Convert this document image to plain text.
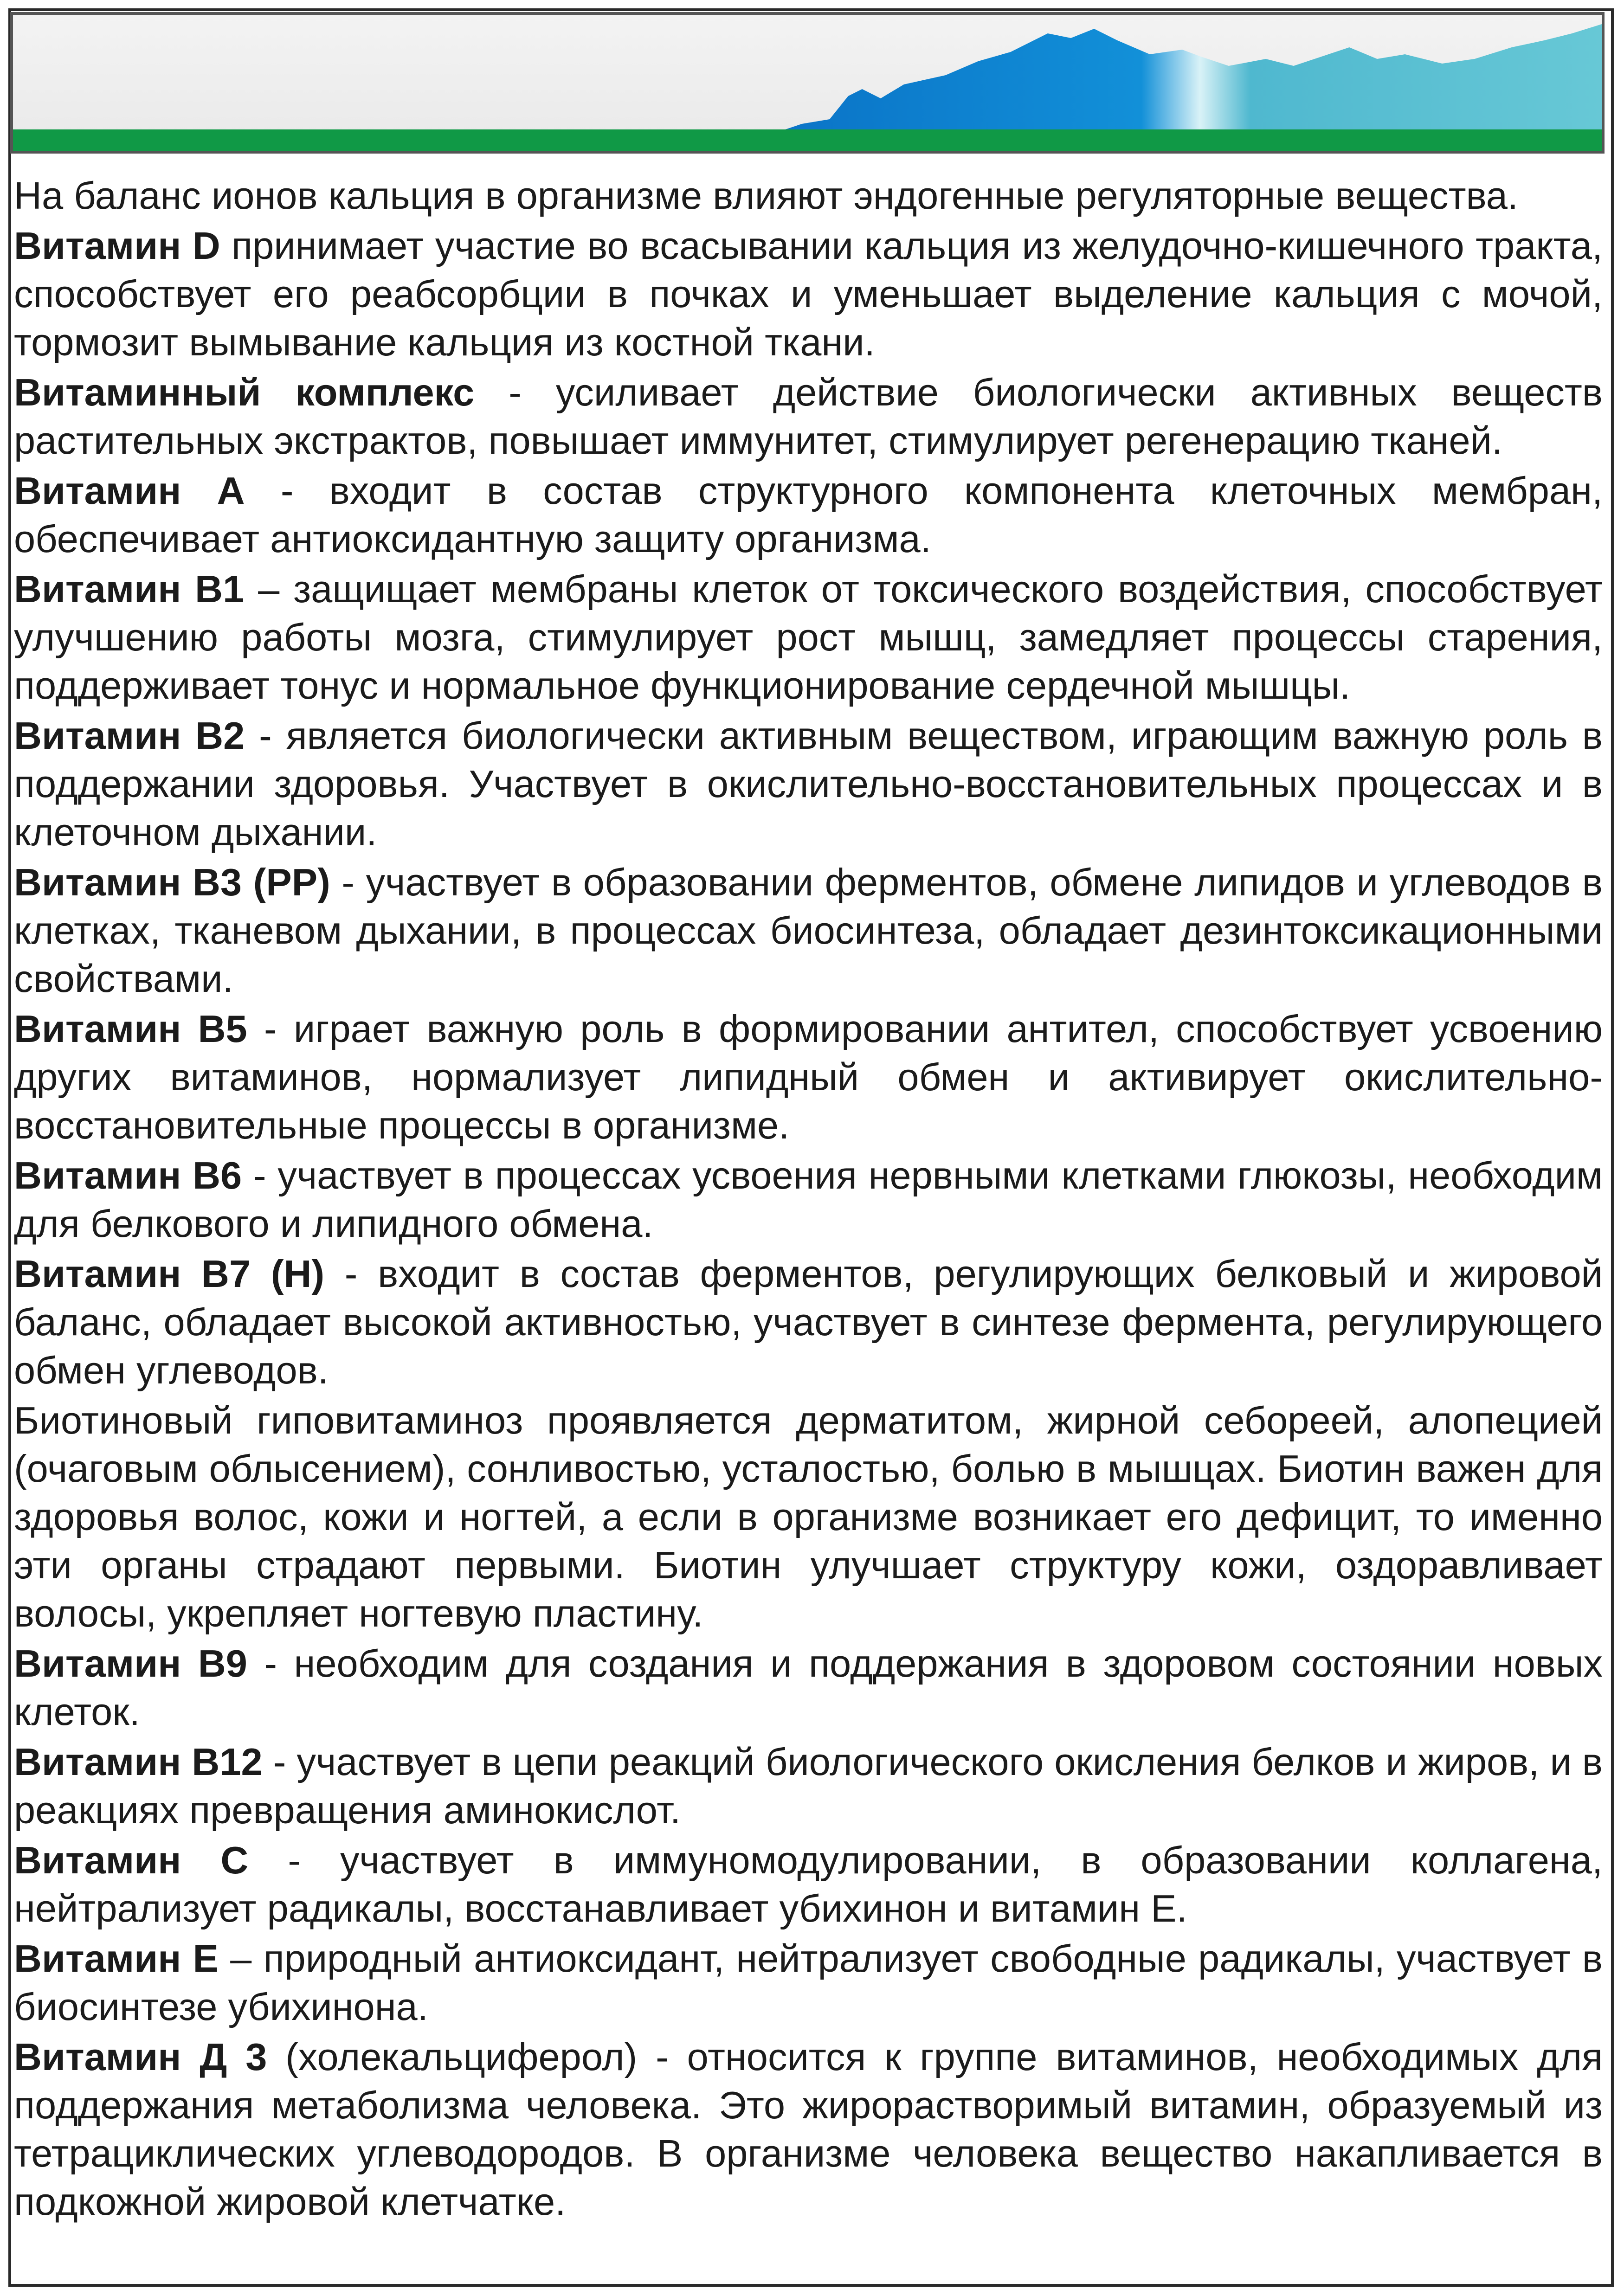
На баланс ионов кальция в организме влияют эндогенные регуляторные вещества.

Витамин D принимает участие во всасывании кальция из желудочно-кишечного тракта, способствует его реабсорбции в почках и уменьшает выделение кальция с мочой, тормозит вымывание кальция из костной ткани.

Витаминный комплекс - усиливает действие биологически активных веществ растительных экстрактов, повышает иммунитет, стимулирует регенерацию тканей.

Витамин А - входит в состав структурного компонента клеточных мембран, обеспечивает антиоксидантную защиту организма.

Витамин В1 – защищает мембраны клеток от токсического воздействия, способствует улучшению работы мозга, стимулирует рост мышц, замедляет процессы старения, поддерживает тонус и нормальное функционирование сердечной мышцы.

Витамин В2 - является биологически активным веществом, играющим важную роль в поддержании здоровья. Участвует в окислительно-восстановительных процессах и в клеточном дыхании.

Витамин В3 (РР) - участвует в образовании ферментов, обмене липидов и углеводов в клетках, тканевом дыхании, в процессах биосинтеза, обладает дезинтоксикационными свойствами.

Витамин В5 - играет важную роль в формировании антител, способствует усвоению других витаминов, нормализует липидный обмен и активирует окислительно-восстановительные процессы в организме.

Витамин В6 - участвует в процессах усвоения нервными клетками глюкозы, необходим для белкового и липидного обмена.

Витамин В7 (Н) - входит в состав ферментов, регулирующих белковый и жировой баланс, обладает высокой активностью, участвует в синтезе фермента, регулирующего обмен углеводов.

Биотиновый гиповитаминоз проявляется дерматитом, жирной себореей, алопецией (очаговым облысением), сонливостью, усталостью, болью в мышцах. Биотин важен для здоровья волос, кожи и ногтей, а если в организме возникает его дефицит, то именно эти органы страдают первыми. Биотин улучшает структуру кожи, оздоравливает волосы, укрепляет ногтевую пластину.

Витамин В9 - необходим для создания и поддержания в здоровом состоянии новых клеток.

Витамин В12 - участвует в цепи реакций биологического окисления белков и жиров, и в реакциях превращения аминокислот.

Витамин С - участвует в иммуномодулировании, в образовании коллагена, нейтрализует радикалы, восстанавливает убихинон и витамин Е.

Витамин Е – природный антиоксидант, нейтрализует свободные радикалы, участвует в биосинтезе убихинона.

Витамин Д 3 (холекальциферол) - относится к группе витаминов, необходимых для поддержания метаболизма человека. Это жирорастворимый витамин, образуемый из тетрациклических углеводородов. В организме человека вещество накапливается в подкожной жировой клетчатке.
